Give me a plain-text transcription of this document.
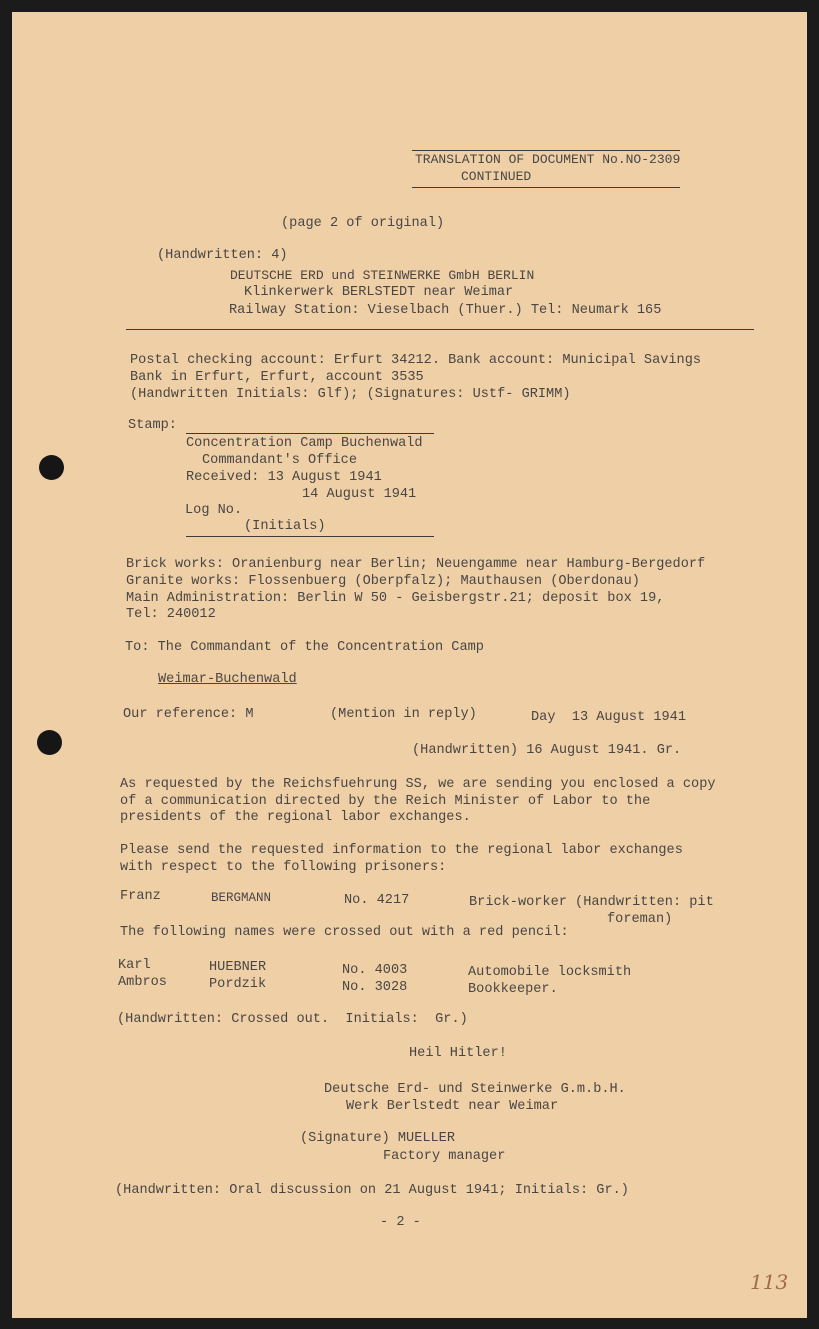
TRANSLATION OF DOCUMENT No.NO-2309
CONTINUED
(page 2 of original)
(Handwritten: 4)
DEUTSCHE ERD und STEINWERKE GmbH BERLIN
Klinkerwerk BERLSTEDT near Weimar
Railway Station: Vieselbach (Thuer.) Tel: Neumark 165
Postal checking account: Erfurt 34212. Bank account: Municipal Savings
Bank in Erfurt, Erfurt, account 3535
(Handwritten Initials: Glf); (Signatures: Ustf- GRIMM)
Stamp:
Concentration Camp Buchenwald
Commandant's Office
Received: 13 August 1941
14 August 1941
Log No.
(Initials)
Brick works: Oranienburg near Berlin; Neuengamme near Hamburg-Bergedorf
Granite works: Flossenbuerg (Oberpfalz); Mauthausen (Oberdonau)
Main Administration: Berlin W 50 - Geisbergstr.21; deposit box 19,
Tel: 240012
To: The Commandant of the Concentration Camp
Weimar-Buchenwald
Our reference: M	(Mention in reply)	Day  13 August 1941
(Handwritten) 16 August 1941. Gr.
As requested by the Reichsfuehrung SS, we are sending you enclosed a copy
of a communication directed by the Reich Minister of Labor to the
presidents of the regional labor exchanges.
Please send the requested information to the regional labor exchanges
with respect to the following prisoners:
Franz	BERGMANN	No. 4217	Brick-worker (Handwritten: pit
foreman)
The following names were crossed out with a red pencil:
Karl	HUEBNER	No. 4003	Automobile locksmith
Ambros	Pordzik	No. 3028	Bookkeeper.
(Handwritten: Crossed out.  Initials:  Gr.)
Heil Hitler!
Deutsche Erd- und Steinwerke G.m.b.H.
Werk Berlstedt near Weimar
(Signature) MUELLER
Factory manager
(Handwritten: Oral discussion on 21 August 1941; Initials: Gr.)
- 2 -
113
